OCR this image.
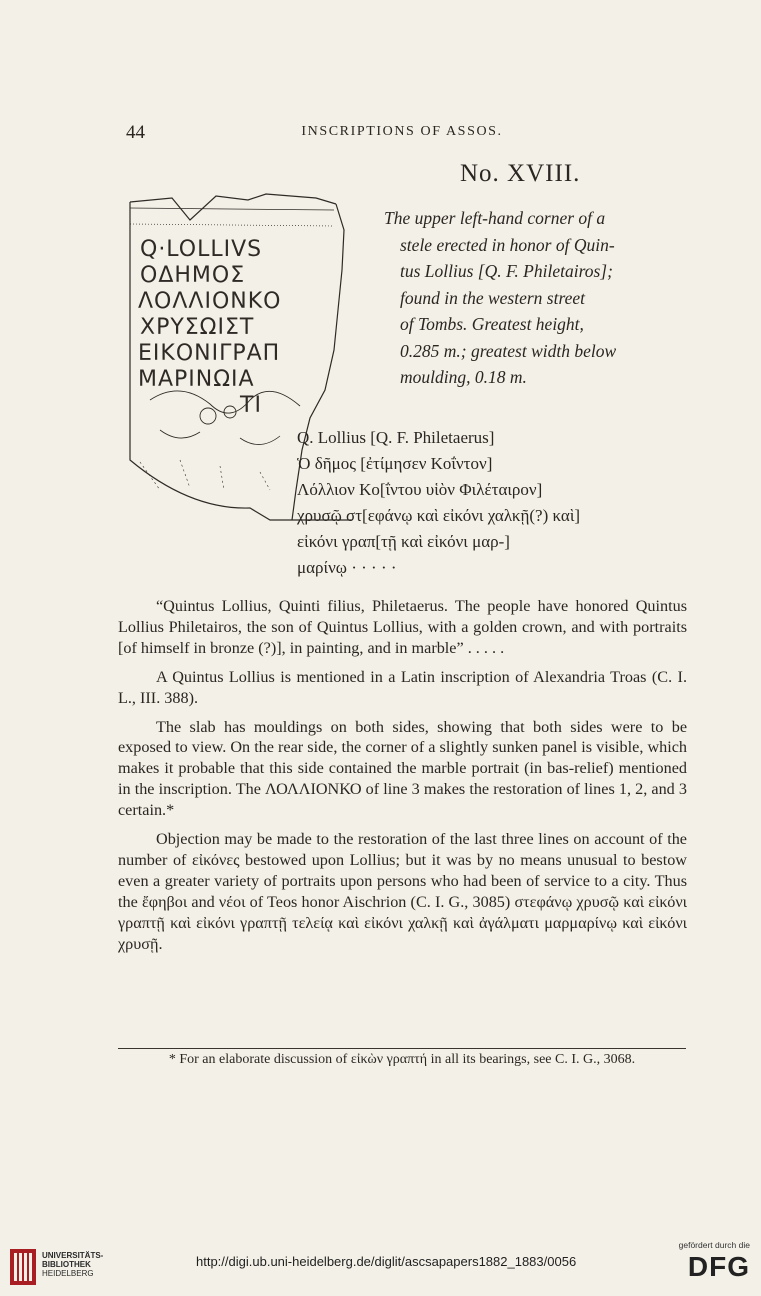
44	INSCRIPTIONS OF ASSOS.
No. XVIII.
Q·LOLLIVS
ΟΔΗΜΟΣ
ΛΟΛΛΙΟΝΚΟ
ΧΡΥΣΩΙΣΤ
ΕΙΚΟΝΙΓΡΑΠ
ΜΑΡΙΝΩΙΑ
ΤΙ
The upper left-hand corner of a
stele erected in honor of Quin-
tus Lollius [Q. F. Philetairos];
found in the western street
of Tombs. Greatest height,
0.285 m.; greatest width below
moulding, 0.18 m.
Q. Lollius [Q. F. Philetaerus]
Ὁ δῆμος [ἐτίμησεν Κοΐντον]
Λόλλιον Κο[ΐντου υἱὸν Φιλέταιρον]
χρυσῷ στ[εφάνῳ καὶ εἰκόνι χαλκῇ(?) καὶ]
εἰκόνι γραπ[τῇ καὶ εἰκόνι μαρ-]
μαρίνῳ · · · · ·

“Quintus Lollius, Quinti filius, Philetaerus. The people have honored Quintus Lollius Philetairos, the son of Quintus Lollius, with a golden crown, and with portraits [of himself in bronze (?)], in painting, and in marble” . . . . .

A Quintus Lollius is mentioned in a Latin inscription of Alexandria Troas (C. I. L., III. 388).

The slab has mouldings on both sides, showing that both sides were to be exposed to view. On the rear side, the corner of a slightly sunken panel is visible, which makes it probable that this side contained the marble portrait (in bas-relief) mentioned in the inscription. The ΛΟΛΛΙΟΝΚΟ of line 3 makes the restoration of lines 1, 2, and 3 certain.*

Objection may be made to the restoration of the last three lines on account of the number of εἰκόνες bestowed upon Lollius; but it was by no means unusual to bestow even a greater variety of portraits upon persons who had been of service to a city. Thus the ἔφηβοι and νέοι of Teos honor Aischrion (C. I. G., 3085) στεφάνῳ χρυσῷ καὶ εἰκόνι γραπτῇ καὶ εἰκόνι γραπτῇ τελείᾳ καὶ εἰκόνι χαλκῇ καὶ ἀγάλματι μαρμαρίνῳ καὶ εἰκόνι χρυσῇ.

* For an elaborate discussion of εἰκὼν γραπτή in all its bearings, see C. I. G., 3068.
UNIVERSITÄTS-
BIBLIOTHEK
HEIDELBERG
http://digi.ub.uni-heidelberg.de/diglit/ascsapapers1882_1883/0056
gefördert durch die
DFG
